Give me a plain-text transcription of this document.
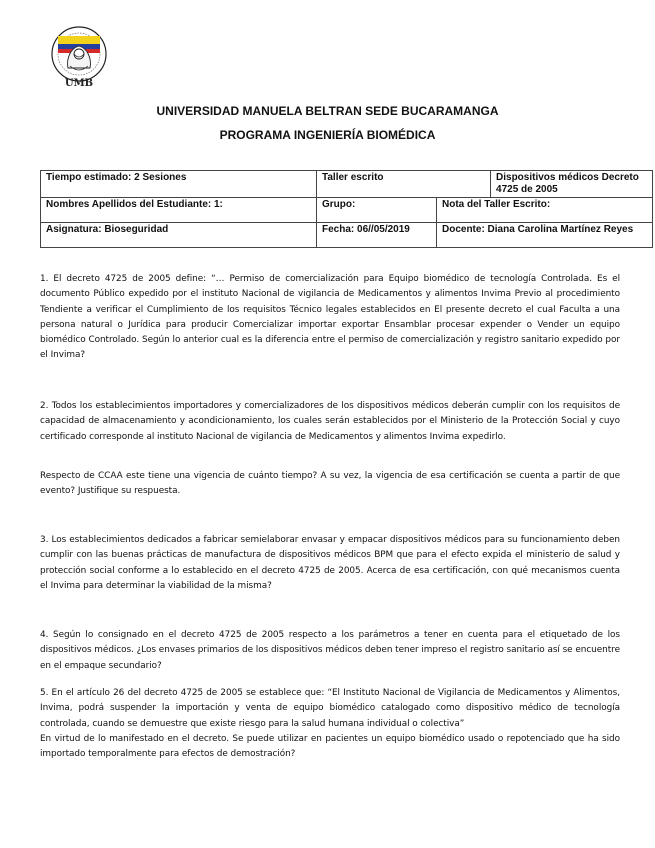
UMB
UNIVERSIDAD MANUELA BELTRAN SEDE BUCARAMANGA
PROGRAMA INGENIERÍA BIOMÉDICA
Tiempo estimado: 2 Sesiones	Taller escrito		Dispositivos médicos Decreto 4725 de 2005
Nombres Apellidos del Estudiante: 1:	Grupo:	Nota del Taller Escrito:	
Asignatura: Bioseguridad	Fecha: 06//05/2019	Docente: Diana Carolina Martínez Reyes	

1. El decreto 4725 de 2005 define: “… Permiso de comercialización para Equipo biomédico de tecnología Controlada. Es el documento Público expedido por el instituto Nacional de vigilancia de Medicamentos y alimentos Invima Previo al procedimiento Tendiente a verificar el Cumplimiento de los requisitos Técnico legales establecidos en El presente decreto el cual Faculta a una persona natural o Jurídica para producir Comercializar importar exportar Ensamblar procesar expender o Vender un equipo biomédico Controlado. Según lo anterior cual es la diferencia entre el permiso de comercialización y registro sanitario expedido por el Invima?

2. Todos los establecimientos importadores y comercializadores de los dispositivos médicos deberán cumplir con los requisitos de capacidad de almacenamiento y acondicionamiento, los cuales serán establecidos por el Ministerio de la Protección Social y cuyo certificado corresponde al instituto Nacional de vigilancia de Medicamentos y alimentos Invima expedirlo.

Respecto de CCAA este tiene una vigencia de cuánto tiempo? A su vez, la vigencia de esa certificación se cuenta a partir de que evento? Justifique su respuesta.

3. Los establecimientos dedicados a fabricar semielaborar envasar y empacar dispositivos médicos para su funcionamiento deben cumplir con las buenas prácticas de manufactura de dispositivos médicos BPM que para el efecto expida el ministerio de salud y protección social conforme a lo establecido en el decreto 4725 de 2005. Acerca de esa certificación, con qué mecanismos cuenta el Invima para determinar la viabilidad de la misma?

4. Según lo consignado en el decreto 4725 de 2005 respecto a los parámetros a tener en cuenta para el etiquetado de los dispositivos médicos. ¿Los envases primarios de los dispositivos médicos deben tener impreso el registro sanitario así se encuentre en el empaque secundario?

5. En el artículo 26 del decreto 4725 de 2005 se establece que: “El Instituto Nacional de Vigilancia de Medicamentos y Alimentos, Invima, podrá suspender la importación y venta de equipo biomédico catalogado como dispositivo médico de tecnología controlada, cuando se demuestre que existe riesgo para la salud humana individual o colectiva”

En virtud de lo manifestado en el decreto. Se puede utilizar en pacientes un equipo biomédico usado o repotenciado que ha sido importado temporalmente para efectos de demostración?
